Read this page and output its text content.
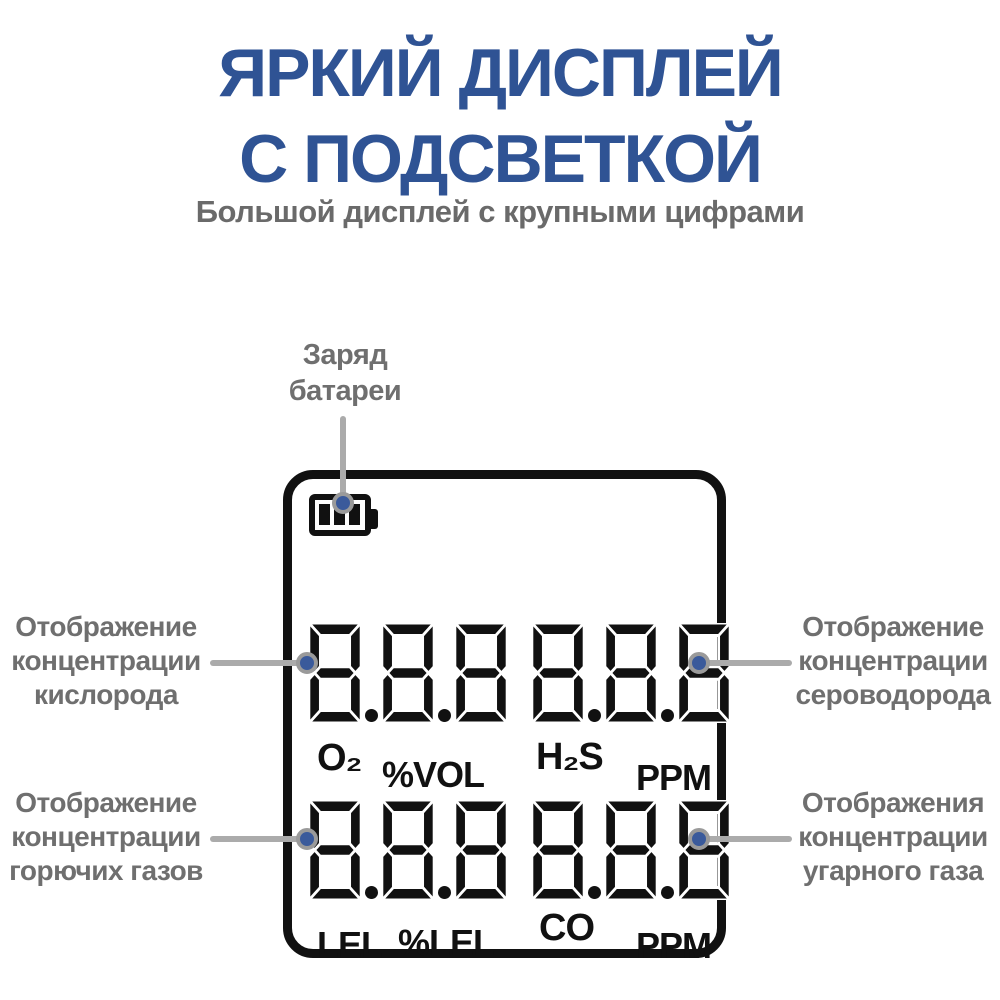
ЯРКИЙ ДИСПЛЕЙ
С ПОДСВЕТКОЙ
Большой дисплей с крупными цифрами
Заряд
батареи
Отображение
концентрации
кислорода
Отображение
концентрации
горючих газов
Отображение
концентрации
сероводорода
Отображения
концентрации
угарного газа
O₂ %VOL H₂S PPM
LEL %LEL CO PPM
